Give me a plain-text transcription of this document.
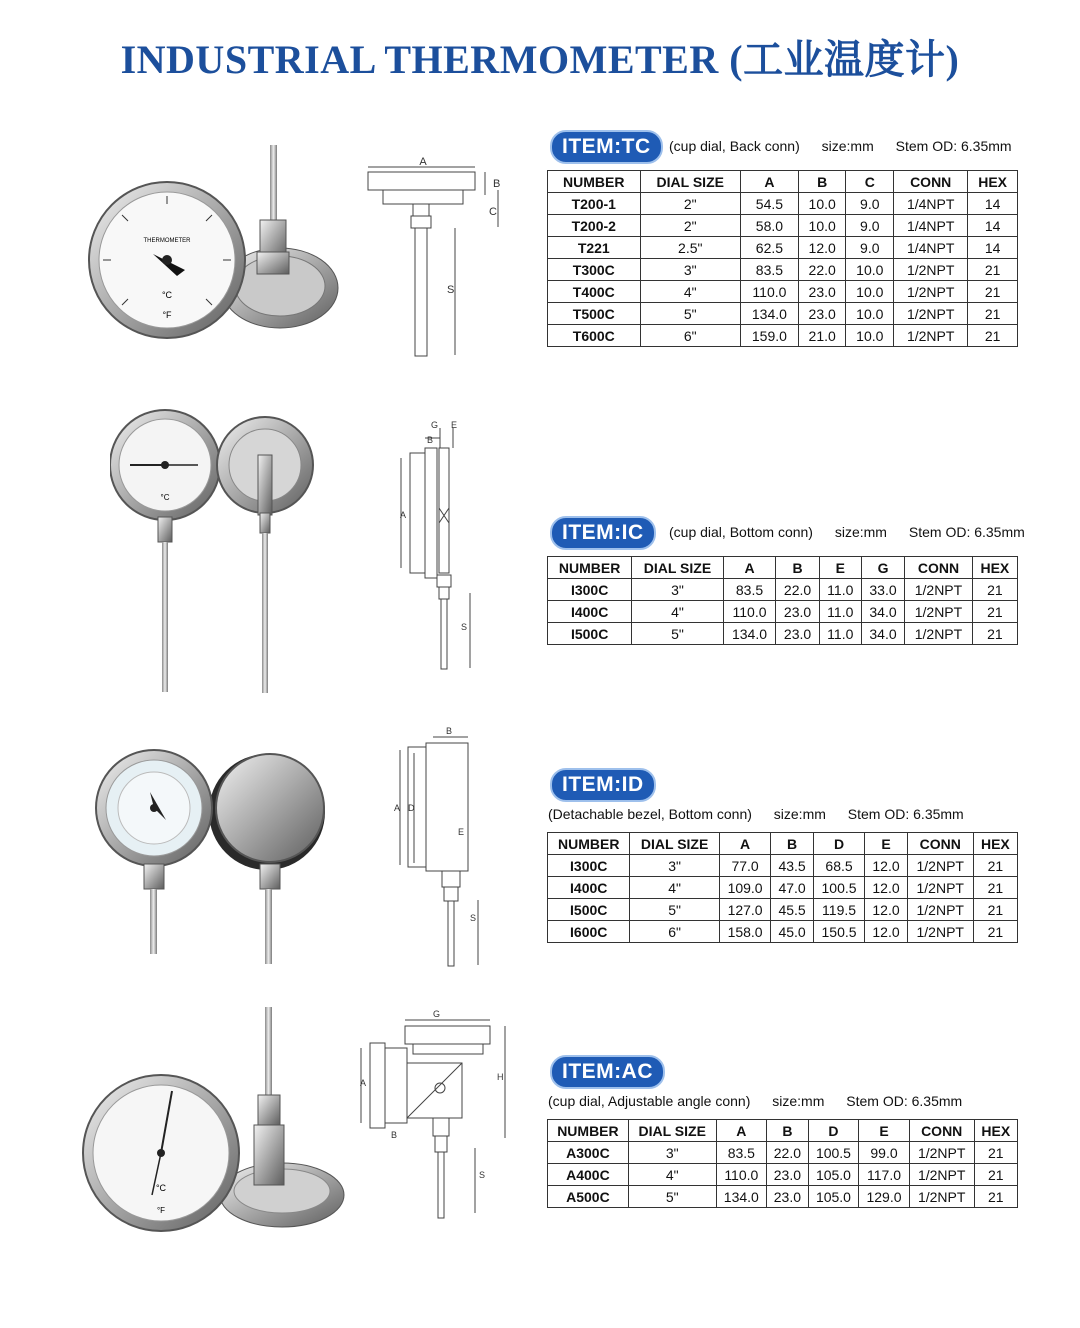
INDUSTRIAL THERMOMETER (工业温度计)
THERMOMETER
°C
°F
A
B
C
S
ITEM:TC	(cup dial, Back conn) size:mm Stem OD: 6.35mm
NUMBER	DIAL SIZE	A	B	C	CONN	HEX
T200-1	2"	54.5	10.0	9.0	1/4NPT	14
T200-2	2"	58.0	10.0	9.0	1/4NPT	14
T221	2.5"	62.5	12.0	9.0	1/4NPT	14
T300C	3"	83.5	22.0	10.0	1/2NPT	21
T400C	4"	110.0	23.0	10.0	1/2NPT	21
T500C	5"	134.0	23.0	10.0	1/2NPT	21
T600C	6"	159.0	21.0	10.0	1/2NPT	21
°C
G E
B
A
S
ITEM:IC	(cup dial, Bottom conn) size:mm Stem OD: 6.35mm
NUMBER	DIAL SIZE	A	B	E	G	CONN	HEX
I300C	3"	83.5	22.0	11.0	33.0	1/2NPT	21
I400C	4"	110.0	23.0	11.0	34.0	1/2NPT	21
I500C	5"	134.0	23.0	11.0	34.0	1/2NPT	21
B
A D
E
S
ITEM:ID
(Detachable bezel, Bottom conn) size:mm Stem OD: 6.35mm
NUMBER	DIAL SIZE	A	B	D	E	CONN	HEX
I300C	3"	77.0	43.5	68.5	12.0	1/2NPT	21
I400C	4"	109.0	47.0	100.5	12.0	1/2NPT	21
I500C	5"	127.0	45.5	119.5	12.0	1/2NPT	21
I600C	6"	158.0	45.0	150.5	12.0	1/2NPT	21
°C
°F
G
A
H
B
S
ITEM:AC
(cup dial, Adjustable angle conn) size:mm Stem OD: 6.35mm
NUMBER	DIAL SIZE	A	B	D	E	CONN	HEX
A300C	3"	83.5	22.0	100.5	99.0	1/2NPT	21
A400C	4"	110.0	23.0	105.0	117.0	1/2NPT	21
A500C	5"	134.0	23.0	105.0	129.0	1/2NPT	21
